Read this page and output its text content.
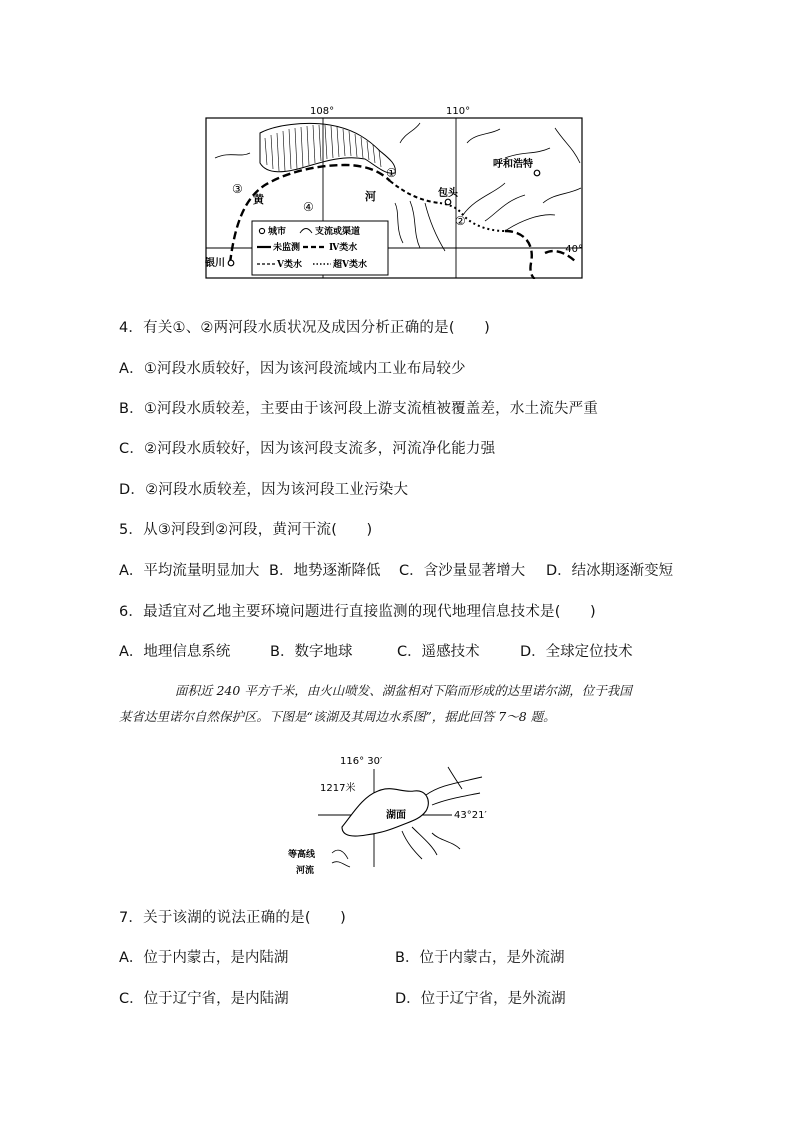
108°	110°
40°
呼和浩特
包头
银川
黄	河
①
②
③
④
城市	支流或渠道
未监测	Ⅳ类水
Ⅴ类水	超Ⅴ类水
4．有关①、②两河段水质状况及成因分析正确的是(　　)
A．①河段水质较好，因为该河段流域内工业布局较少
B．①河段水质较差，主要由于该河段上游支流植被覆盖差，水土流失严重
C．②河段水质较好，因为该河段支流多，河流净化能力强
D．②河段水质较差，因为该河段工业污染大
5．从③河段到②河段，黄河干流(　　)
A．平均流量明显加大 B．地势逐渐降低 C．含沙量显著增大 D．结冰期逐渐变短
6．最适宜对乙地主要环境问题进行直接监测的现代地理信息技术是(　　)
A．地理信息系统	B．数字地球	C．遥感技术	D．全球定位技术
面积近 240 平方千米，由火山喷发、湖盆相对下陷而形成的达里诺尔湖，位于我国
某省达里诺尔自然保护区。下图是“该湖及其周边水系图”，据此回答 7～8 题。
116° 30′
43°21′
1217米
湖面
等高线
河流
7．关于该湖的说法正确的是(　　)
A．位于内蒙古，是内陆湖	B．位于内蒙古，是外流湖
C．位于辽宁省，是内陆湖	D．位于辽宁省，是外流湖
